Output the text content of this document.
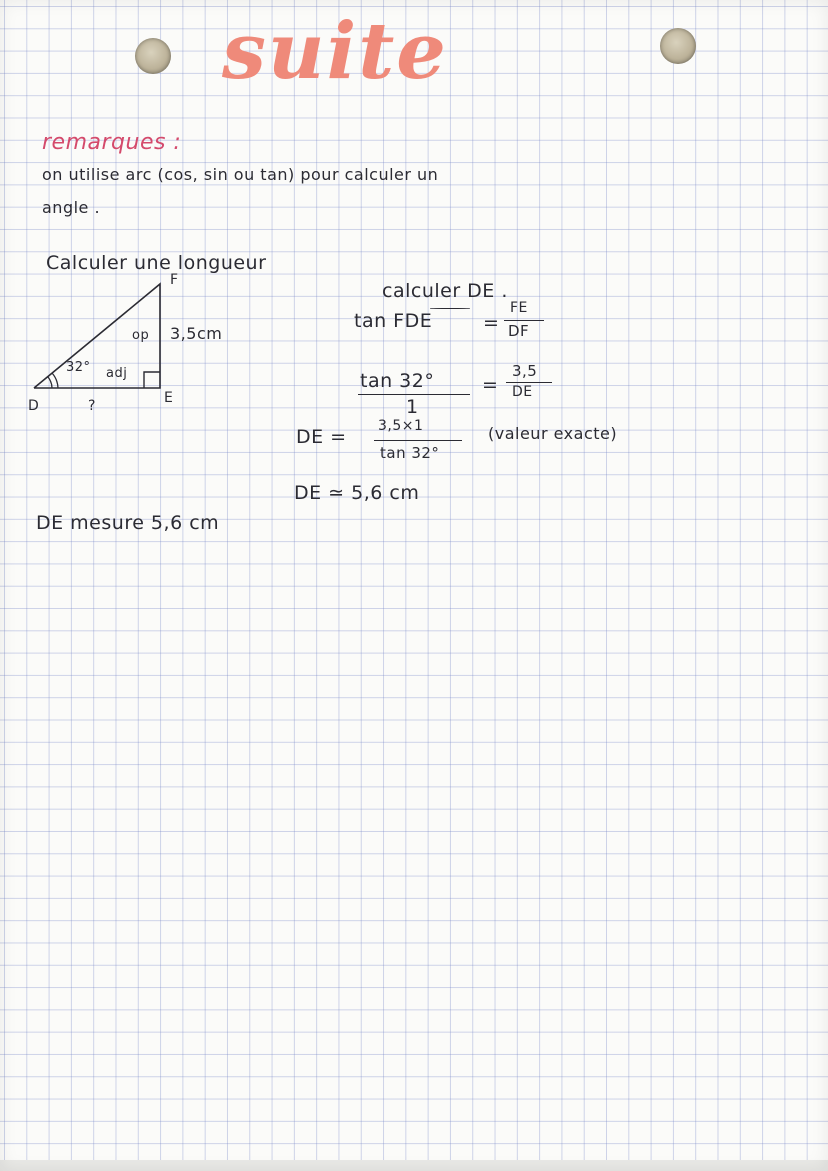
suite
remarques :
on utilise arc (cos, sin ou tan) pour calculer un
angle .
Calculer une longueur
F
D	E
32° adj
op 3,5cm
?
calculer DE .
tan FDE	=
FE
DF
tan 32°
1
=
3,5
DE
DE = 3,5×1
tan 32°
(valeur exacte)
DE ≃ 5,6 cm
DE mesure 5,6 cm
